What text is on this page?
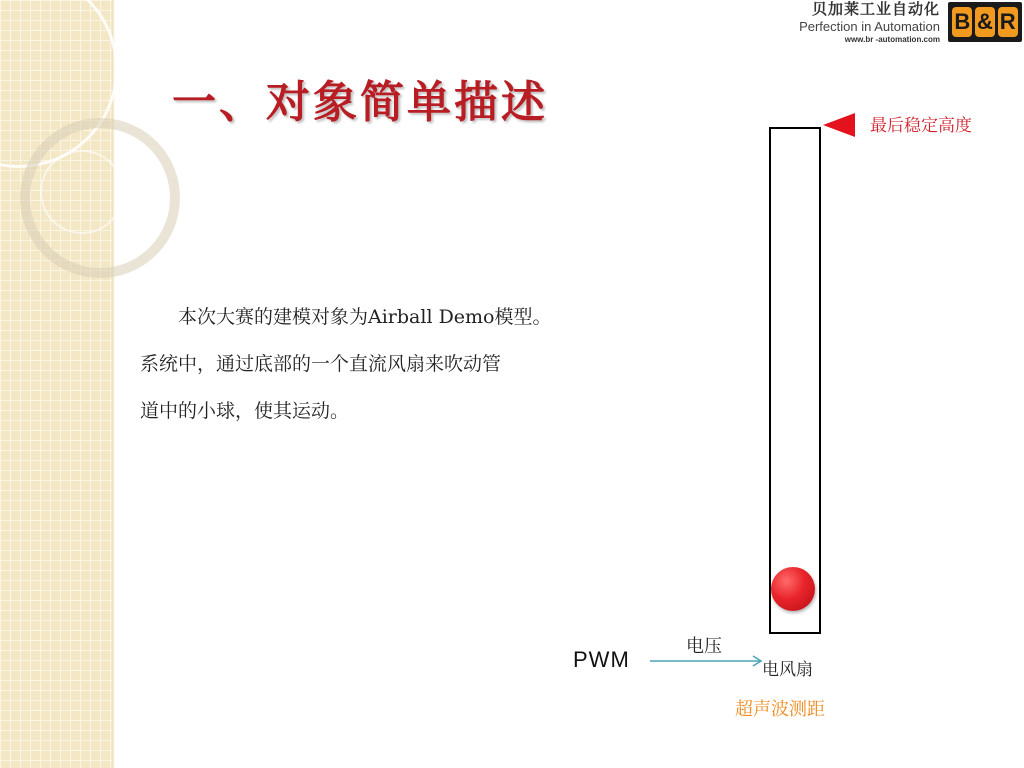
贝加莱工业自动化
Perfection in Automation
www.br -automation.com
B & R
一、对象简单描述

本次大赛的建模对象为Airball Demo模型。

系统中，通过底部的一个直流风扇来吹动管

道中的小球，使其运动。

最后稳定高度
PWM
电压
电风扇
超声波测距
